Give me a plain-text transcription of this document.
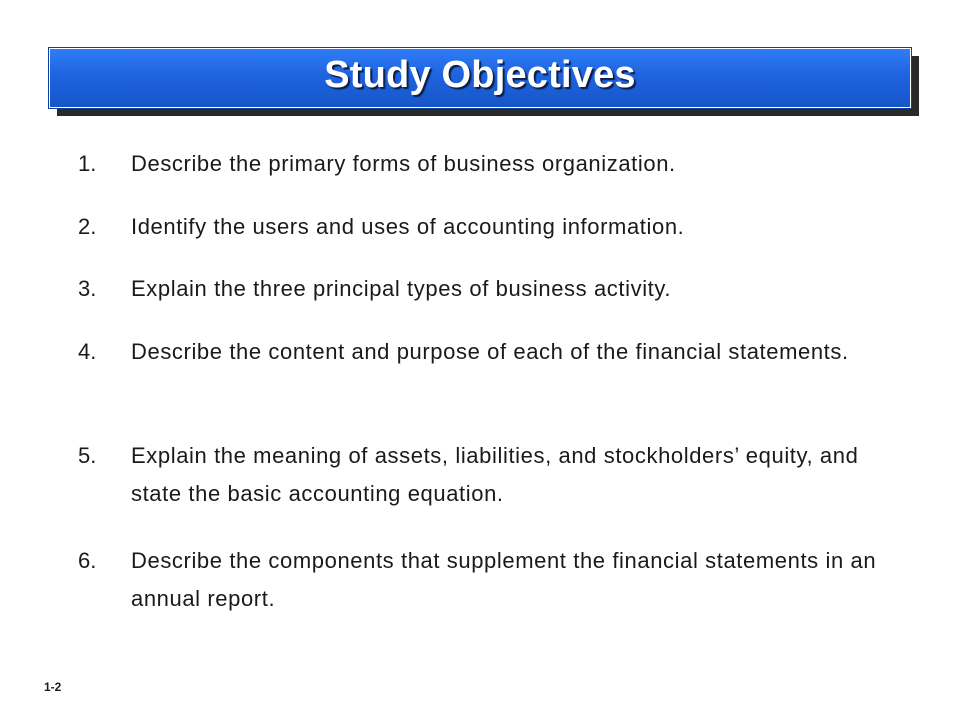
Study Objectives
1. Describe the primary forms of business organization.
2. Identify the users and uses of accounting information.
3. Explain the three principal types of business activity.
4. Describe the content and purpose of each of the financial statements.
5. Explain the meaning of assets, liabilities, and stockholders’ equity, and state the basic accounting equation.
6. Describe the components that supplement the financial statements in an annual report.
1-2
